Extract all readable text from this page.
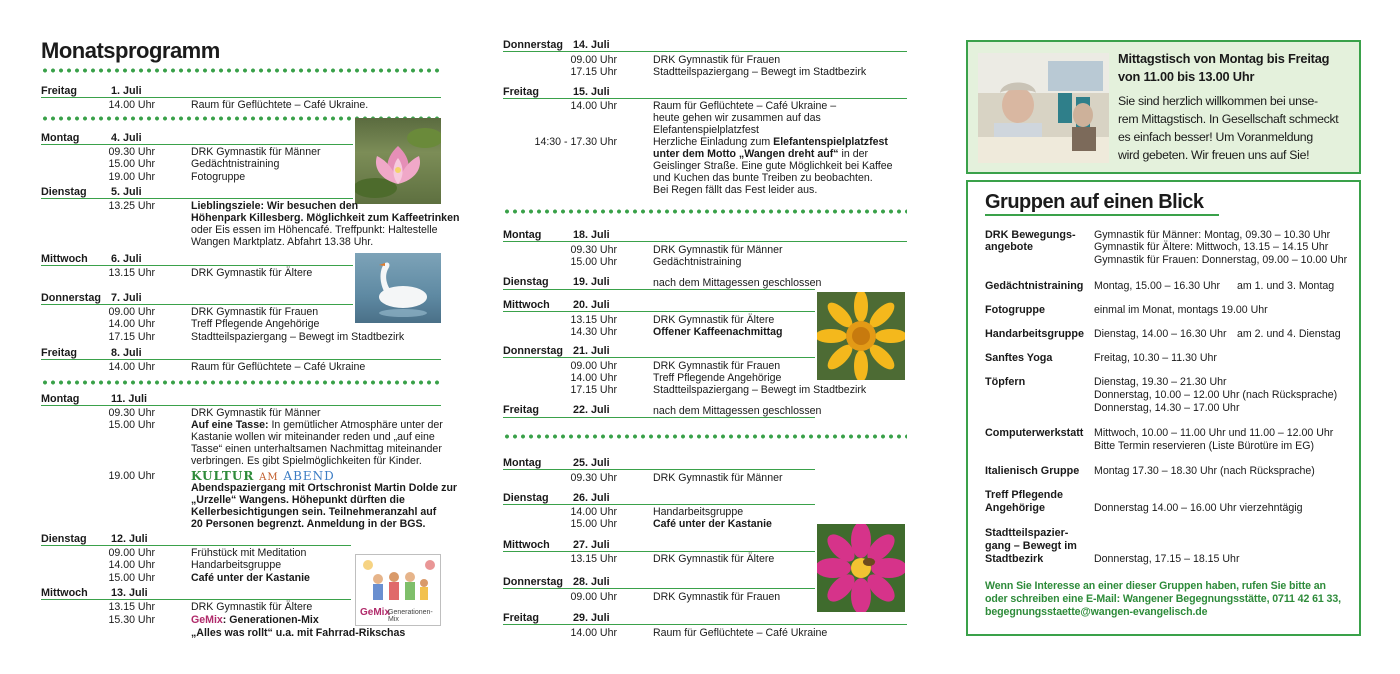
Monatsprogramm
Freitag	1. Juli
14.00 Uhr	Raum für Geflüchtete – Café Ukraine.
Montag	4. Juli
09.30 Uhr	DRK Gymnastik für Männer
15.00 Uhr	Gedächtnistraining
19.00 Uhr	Fotogruppe
Dienstag 5. Juli
13.25 Uhr	Lieblingsziele: Wir besuchen den
Höhenpark Killesberg. Möglichkeit zum Kaffeetrinken
oder Eis essen im Höhencafé. Treffpunkt: Haltestelle
Wangen Marktplatz. Abfahrt 13.38 Uhr.
Mittwoch 6. Juli
13.15 Uhr	DRK Gymnastik für Ältere
Donnerstag 7. Juli
09.00 Uhr	DRK Gymnastik für Frauen
14.00 Uhr	Treff Pflegende Angehörige
17.15 Uhr	Stadtteilspaziergang – Bewegt im Stadtbezirk
Freitag	8. Juli
14.00 Uhr	Raum für Geflüchtete – Café Ukraine
Montag	11. Juli
09.30 Uhr	DRK Gymnastik für Männer
15.00 Uhr	Auf eine Tasse: In gemütlicher Atmosphäre unter der
Kastanie wollen wir miteinander reden und „auf eine
Tasse“ einen unterhaltsamen Nachmittag miteinander
verbringen. Es gibt Spielmöglichkeiten für Kinder.
19.00 Uhr	KULTUR AM ABEND
Abendspaziergang mit Ortschronist Martin Dolde zur
„Urzelle“ Wangens. Höhepunkt dürften die
Kellerbesichtigungen sein. Teilnehmeranzahl auf
20 Personen begrenzt. Anmeldung in der BGS.
Dienstag 12. Juli
09.00 Uhr	Frühstück mit Meditation
14.00 Uhr	Handarbeitsgruppe
15.00 Uhr	Café unter der Kastanie
Mittwoch 13. Juli
13.15 Uhr	DRK Gymnastik für Ältere
15.30 Uhr	GeMix: Generationen-Mix
„Alles was rollt“ u.a. mit Fahrrad-Rikschas
GeMix
Generationen-Mix
Donnerstag 14. Juli
09.00 Uhr	DRK Gymnastik für Frauen
17.15 Uhr	Stadtteilspaziergang – Bewegt im Stadtbezirk
Freitag	15. Juli
14.00 Uhr	Raum für Geflüchtete – Café Ukraine –
heute gehen wir zusammen auf das
Elefantenspielplatzfest
14:30 - 17.30 Uhr	Herzliche Einladung zum Elefantenspielplatzfest
unter dem Motto „Wangen dreht auf“ in der
Geislinger Straße. Eine gute Möglichkeit bei Kaffee
und Kuchen das bunte Treiben zu beobachten.
Bei Regen fällt das Fest leider aus.
Montag	18. Juli
09.30 Uhr	DRK Gymnastik für Männer
15.00 Uhr	Gedächtnistraining
Dienstag 19. Juli	nach dem Mittagessen geschlossen
Mittwoch 20. Juli
13.15 Uhr	DRK Gymnastik für Ältere
14.30 Uhr	Offener Kaffeenachmittag
Donnerstag 21. Juli
09.00 Uhr	DRK Gymnastik für Frauen
14.00 Uhr	Treff Pflegende Angehörige
17.15 Uhr	Stadtteilspaziergang – Bewegt im Stadtbezirk
Freitag	22. Juli	nach dem Mittagessen geschlossen
Montag	25. Juli
09.30 Uhr	DRK Gymnastik für Männer
Dienstag 26. Juli
14.00 Uhr	Handarbeitsgruppe
15.00 Uhr	Café unter der Kastanie
Mittwoch 27. Juli
13.15 Uhr	DRK Gymnastik für Ältere
Donnerstag 28. Juli
09.00 Uhr	DRK Gymnastik für Frauen
Freitag	29. Juli
14.00 Uhr	Raum für Geflüchtete – Café Ukraine
Mittagstisch von Montag bis Freitag
von 11.00 bis 13.00 Uhr
Sie sind herzlich willkommen bei unse-
rem Mittagstisch. In Gesellschaft schmeckt
es einfach besser! Um Voranmeldung
wird gebeten. Wir freuen uns auf Sie!
Gruppen auf einen Blick
DRK Bewegungs-
angebote
Gymnastik für Männer: Montag, 09.30 – 10.30 Uhr
Gymnastik für Ältere: Mittwoch, 13.15 – 14.15 Uhr
Gymnastik für Frauen: Donnerstag, 09.00 – 10.00 Uhr
Gedächtnistraining Montag, 15.00 – 16.30 Uhr am 1. und 3. Montag
Fotogruppe	einmal im Monat, montags 19.00 Uhr
Handarbeitsgruppe Dienstag, 14.00 – 16.30 Uhr am 2. und 4. Dienstag
Sanftes Yoga	Freitag, 10.30 – 11.30 Uhr
Töpfern	Dienstag, 19.30 – 21.30 Uhr
Donnerstag, 10.00 – 12.00 Uhr (nach Rücksprache)
Donnerstag, 14.30 – 17.00 Uhr
Computerwerkstatt Mittwoch, 10.00 – 11.00 Uhr und 11.00 – 12.00 Uhr
Bitte Termin reservieren (Liste Bürotüre im EG)
Italienisch Gruppe Montag 17.30 – 18.30 Uhr (nach Rücksprache)
Treff Pflegende
Angehörige	Donnerstag 14.00 – 16.00 Uhr vierzehntägig
Stadtteilspazier-
gang – Bewegt im
Stadtbezirk	Donnerstag, 17.15 – 18.15 Uhr
Wenn Sie Interesse an einer dieser Gruppen haben, rufen Sie bitte an
oder schreiben eine E-Mail: Wangener Begegnungsstätte, 0711 42 61 33,
begegnungsstaette@wangen-evangelisch.de
